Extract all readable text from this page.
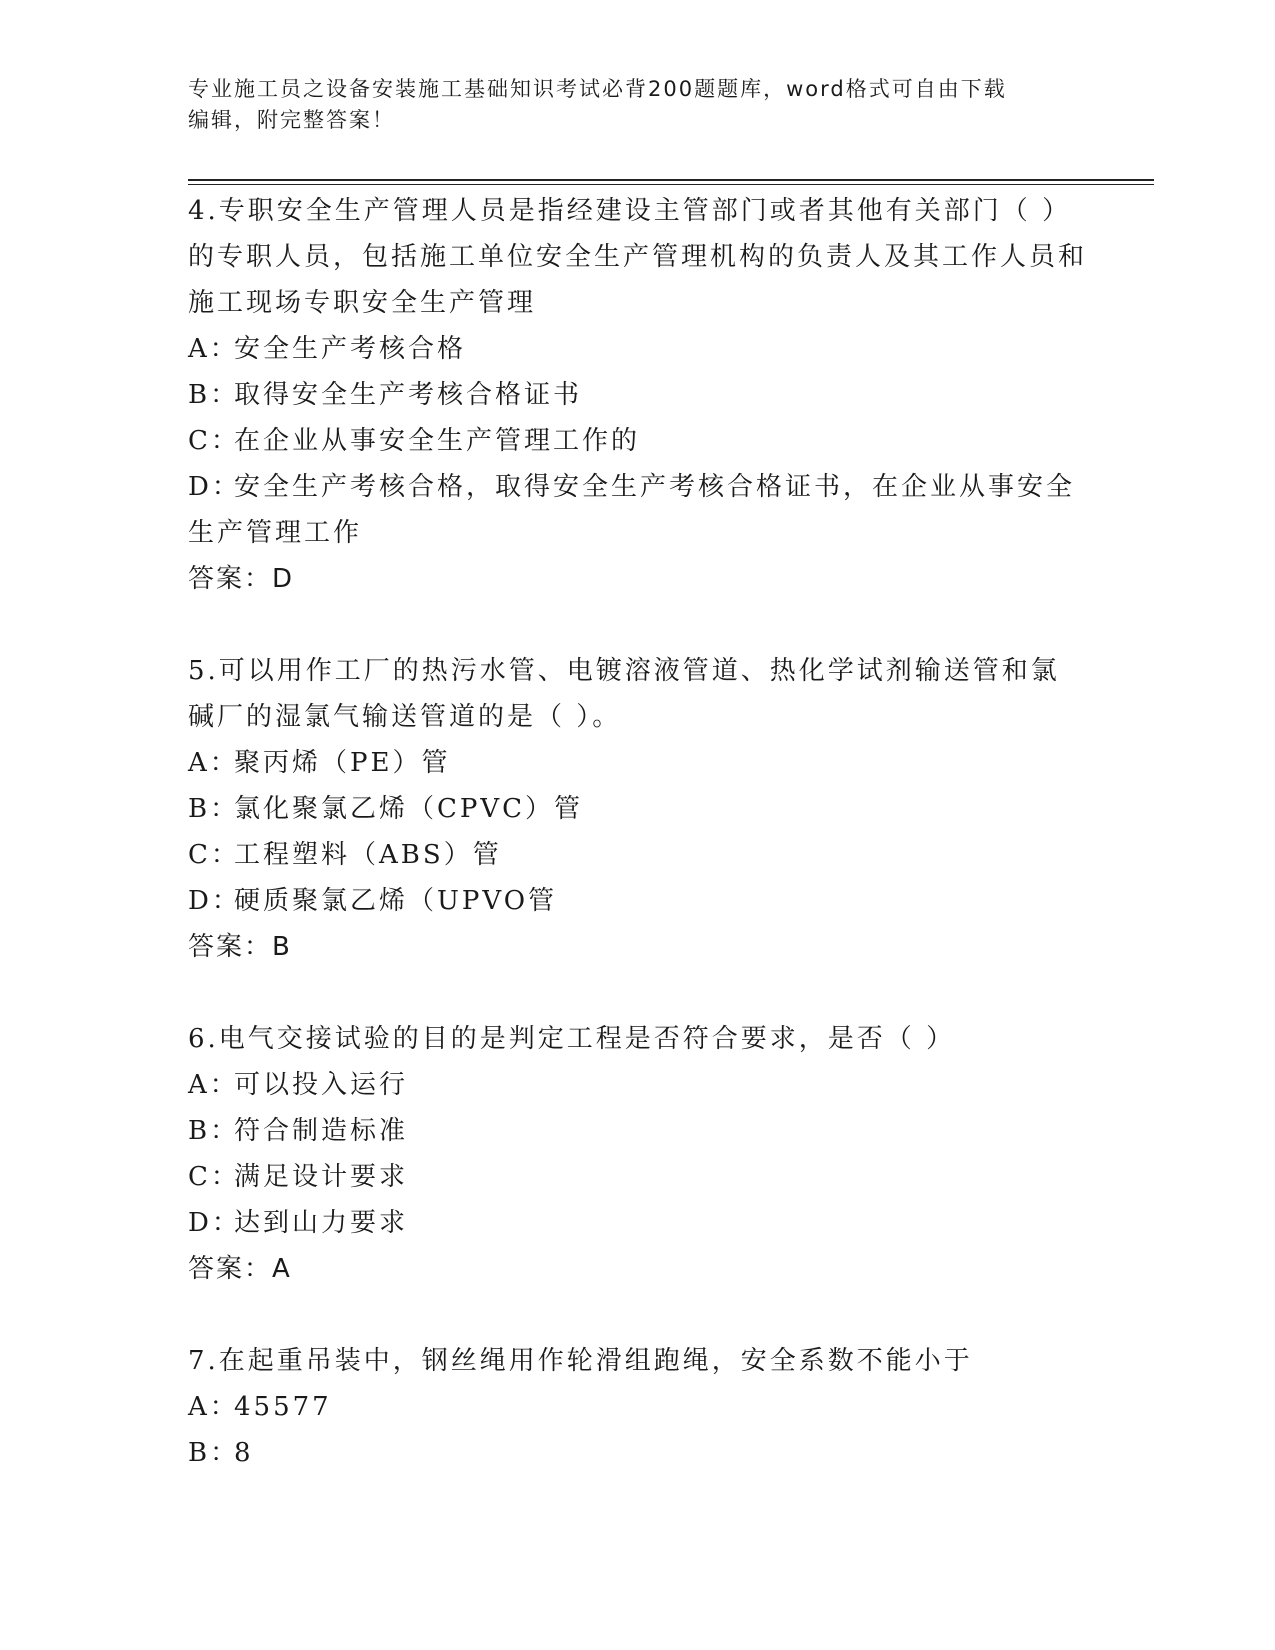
专业施工员之设备安装施工基础知识考试必背200题题库，word格式可自由下载
编辑，附完整答案！
4.专职安全生产管理人员是指经建设主管部门或者其他有关部门（ ）的专职人员，包括施工单位安全生产管理机构的负责人及其工作人员和施工现场专职安全生产管理
A：安全生产考核合格
B：取得安全生产考核合格证书
C：在企业从事安全生产管理工作的
D：安全生产考核合格，取得安全生产考核合格证书，在企业从事安全生产管理工作
答案：D
5.可以用作工厂的热污水管、电镀溶液管道、热化学试剂输送管和氯碱厂的湿氯气输送管道的是（ ）。
A：聚丙烯（PE）管
B：氯化聚氯乙烯（CPVC）管
C：工程塑料（ABS）管
D：硬质聚氯乙烯（UPVO管
答案：B
6.电气交接试验的目的是判定工程是否符合要求，是否（ ）
A：可以投入运行
B：符合制造标准
C：满足设计要求
D：达到山力要求
答案：A
7.在起重吊装中，钢丝绳用作轮滑组跑绳，安全系数不能小于
A：45577
B：8
